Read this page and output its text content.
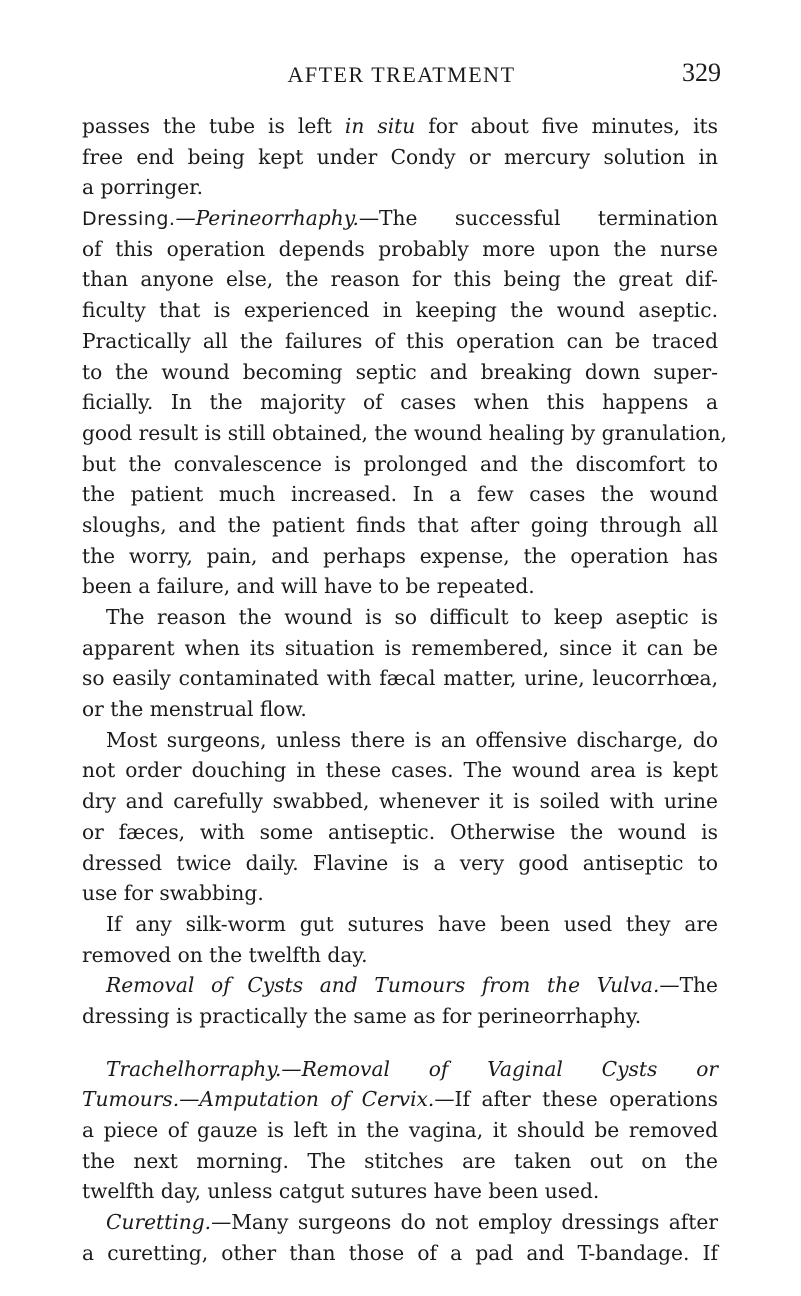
AFTER TREATMENT	329
passes the tube is left in situ for about five minutes, its
free end being kept under Condy or mercury solution in
a porringer.
Dressing.—Perineorrhaphy.—The successful termination
of this operation depends probably more upon the nurse
than anyone else, the reason for this being the great dif-
ficulty that is experienced in keeping the wound aseptic.
Practically all the failures of this operation can be traced
to the wound becoming septic and breaking down super-
ficially. In the majority of cases when this happens a
good result is still obtained, the wound healing by granulation,
but the convalescence is prolonged and the discomfort to
the patient much increased. In a few cases the wound
sloughs, and the patient finds that after going through all
the worry, pain, and perhaps expense, the operation has
been a failure, and will have to be repeated.
The reason the wound is so difficult to keep aseptic is
apparent when its situation is remembered, since it can be
so easily contaminated with fæcal matter, urine, leucorrhœa,
or the menstrual flow.
Most surgeons, unless there is an offensive discharge, do
not order douching in these cases. The wound area is kept
dry and carefully swabbed, whenever it is soiled with urine
or fæces, with some antiseptic. Otherwise the wound is
dressed twice daily. Flavine is a very good antiseptic to
use for swabbing.
If any silk-worm gut sutures have been used they are
removed on the twelfth day.
Removal of Cysts and Tumours from the Vulva.—The
dressing is practically the same as for perineorrhaphy.
Trachelhorraphy.—Removal of Vaginal Cysts or
Tumours.—Amputation of Cervix.—If after these operations
a piece of gauze is left in the vagina, it should be removed
the next morning. The stitches are taken out on the
twelfth day, unless catgut sutures have been used.
Curetting.—Many surgeons do not employ dressings after
a curetting, other than those of a pad and T-bandage. If
